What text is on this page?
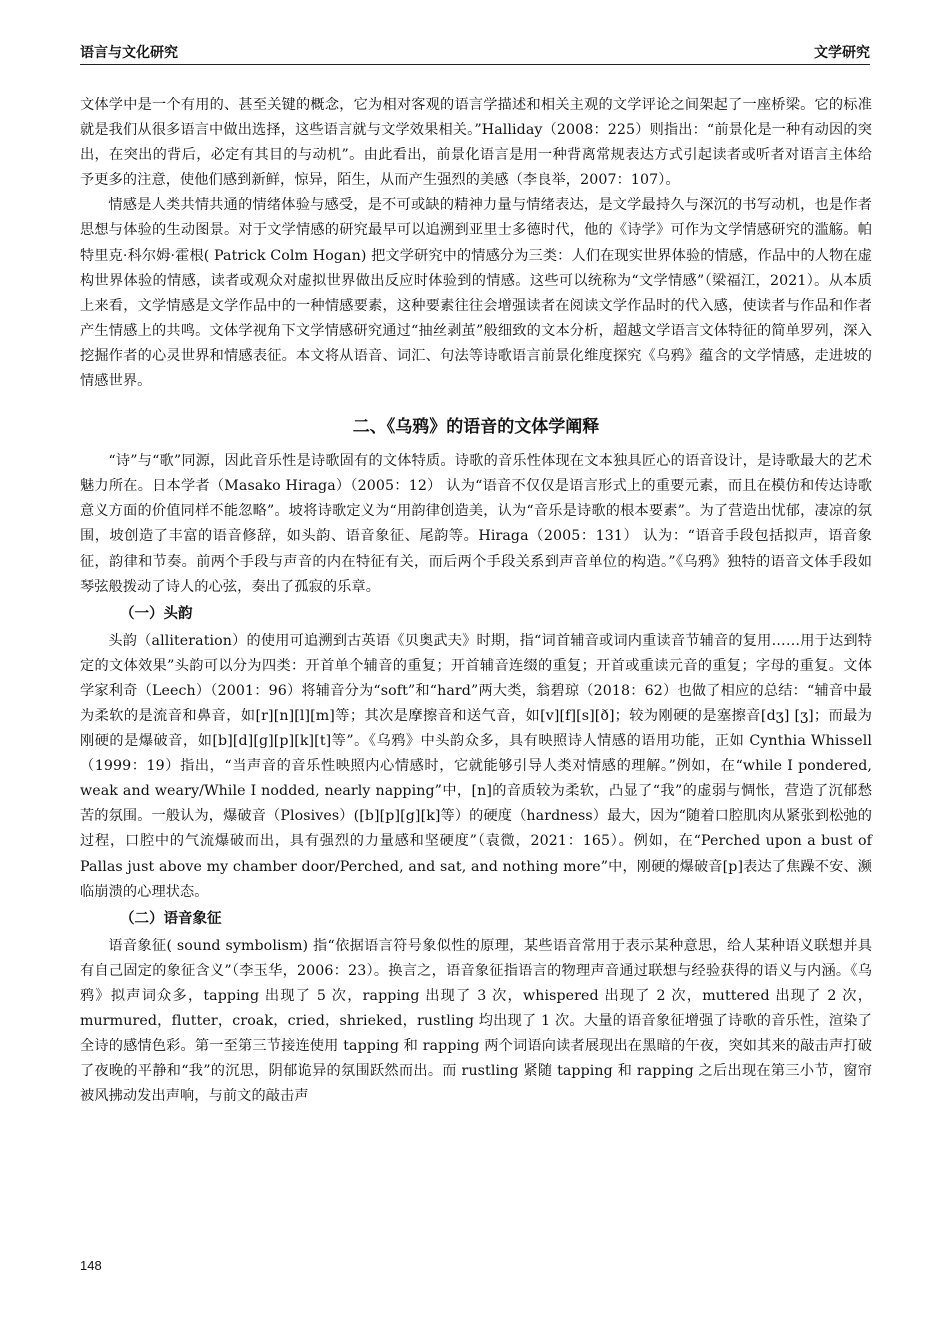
语言与文化研究	文学研究

文体学中是一个有用的、甚至关键的概念，它为相对客观的语言学描述和相关主观的文学评论之间架起了一座桥梁。它的标准就是我们从很多语言中做出选择，这些语言就与文学效果相关。”Halliday（2008：225）则指出：“前景化是一种有动因的突出，在突出的背后，必定有其目的与动机”。由此看出，前景化语言是用一种背离常规表达方式引起读者或听者对语言主体给予更多的注意，使他们感到新鲜，惊异，陌生，从而产生强烈的美感（李良举，2007：107）。

情感是人类共情共通的情绪体验与感受，是不可或缺的精神力量与情绪表达，是文学最持久与深沉的书写动机，也是作者思想与体验的生动图景。对于文学情感的研究最早可以追溯到亚里士多德时代，他的《诗学》可作为文学情感研究的滥觞。帕特里克·科尔姆·霍根( Patrick Colm Hogan) 把文学研究中的情感分为三类：人们在现实世界体验的情感，作品中的人物在虚构世界体验的情感，读者或观众对虚拟世界做出反应时体验到的情感。这些可以统称为“文学情感”（梁福江，2021）。从本质上来看，文学情感是文学作品中的一种情感要素，这种要素往往会增强读者在阅读文学作品时的代入感，使读者与作品和作者产生情感上的共鸣。文体学视角下文学情感研究通过“抽丝剥茧”般细致的文本分析，超越文学语言文体特征的简单罗列，深入挖掘作者的心灵世界和情感表征。本文将从语音、词汇、句法等诗歌语言前景化维度探究《乌鸦》蕴含的文学情感，走进坡的情感世界。

二、《乌鸦》的语音的文体学阐释

“诗”与“歌”同源，因此音乐性是诗歌固有的文体特质。诗歌的音乐性体现在文本独具匠心的语音设计，是诗歌最大的艺术魅力所在。日本学者（Masako Hiraga）（2005：12） 认为“语音不仅仅是语言形式上的重要元素，而且在模仿和传达诗歌意义方面的价值同样不能忽略”。坡将诗歌定义为“用韵律创造美，认为“音乐是诗歌的根本要素”。为了营造出忧郁，凄凉的氛围，坡创造了丰富的语音修辞，如头韵、语音象征、尾韵等。Hiraga（2005：131） 认为：“语音手段包括拟声，语音象征，韵律和节奏。前两个手段与声音的内在特征有关，而后两个手段关系到声音单位的构造。”《乌鸦》独特的语音文体手段如琴弦般拨动了诗人的心弦，奏出了孤寂的乐章。

（一）头韵

头韵（alliteration）的使用可追溯到古英语《贝奥武夫》时期，指“词首辅音或词内重读音节辅音的复用……用于达到特定的文体效果”头韵可以分为四类：开首单个辅音的重复；开首辅音连缀的重复；开首或重读元音的重复；字母的重复。文体学家利奇（Leech）（2001：96）将辅音分为“soft”和“hard”两大类，翁碧琼（2018：62）也做了相应的总结：“辅音中最为柔软的是流音和鼻音，如[r][n][l][m]等；其次是摩擦音和送气音，如[v][f][s][ð]；较为刚硬的是塞擦音[dʒ] [ʒ]；而最为刚硬的是爆破音，如[b][d][g][p][k][t]等”。《乌鸦》中头韵众多，具有映照诗人情感的语用功能，正如 Cynthia Whissell（1999：19）指出，“当声音的音乐性映照内心情感时，它就能够引导人类对情感的理解。”例如，在“while I pondered, weak and weary/While I nodded, nearly napping”中，[n]的音质较为柔软，凸显了“我”的虚弱与惆怅，营造了沉郁愁苦的氛围。一般认为，爆破音（Plosives）([b][p][g][k]等）的硬度（hardness）最大，因为“随着口腔肌肉从紧张到松弛的过程，口腔中的气流爆破而出，具有强烈的力量感和坚硬度”（袁微，2021：165）。例如，在“Perched upon a bust of Pallas just above my chamber door/Perched, and sat, and nothing more”中，刚硬的爆破音[p]表达了焦躁不安、濒临崩溃的心理状态。

（二）语音象征

语音象征( sound symbolism) 指“依据语言符号象似性的原理，某些语音常用于表示某种意思，给人某种语义联想并具有自己固定的象征含义”（李玉华，2006：23）。换言之，语音象征指语言的物理声音通过联想与经验获得的语义与内涵。《乌鸦》拟声词众多，tapping 出现了 5 次，rapping 出现了 3 次，whispered 出现了 2 次，muttered 出现了 2 次，murmured，flutter，croak，cried，shrieked，rustling 均出现了 1 次。大量的语音象征增强了诗歌的音乐性，渲染了全诗的感情色彩。第一至第三节接连使用 tapping 和 rapping 两个词语向读者展现出在黑暗的午夜，突如其来的敲击声打破了夜晚的平静和“我”的沉思，阴郁诡异的氛围跃然而出。而 rustling 紧随 tapping 和 rapping 之后出现在第三小节，窗帘被风拂动发出声响，与前文的敲击声

148
